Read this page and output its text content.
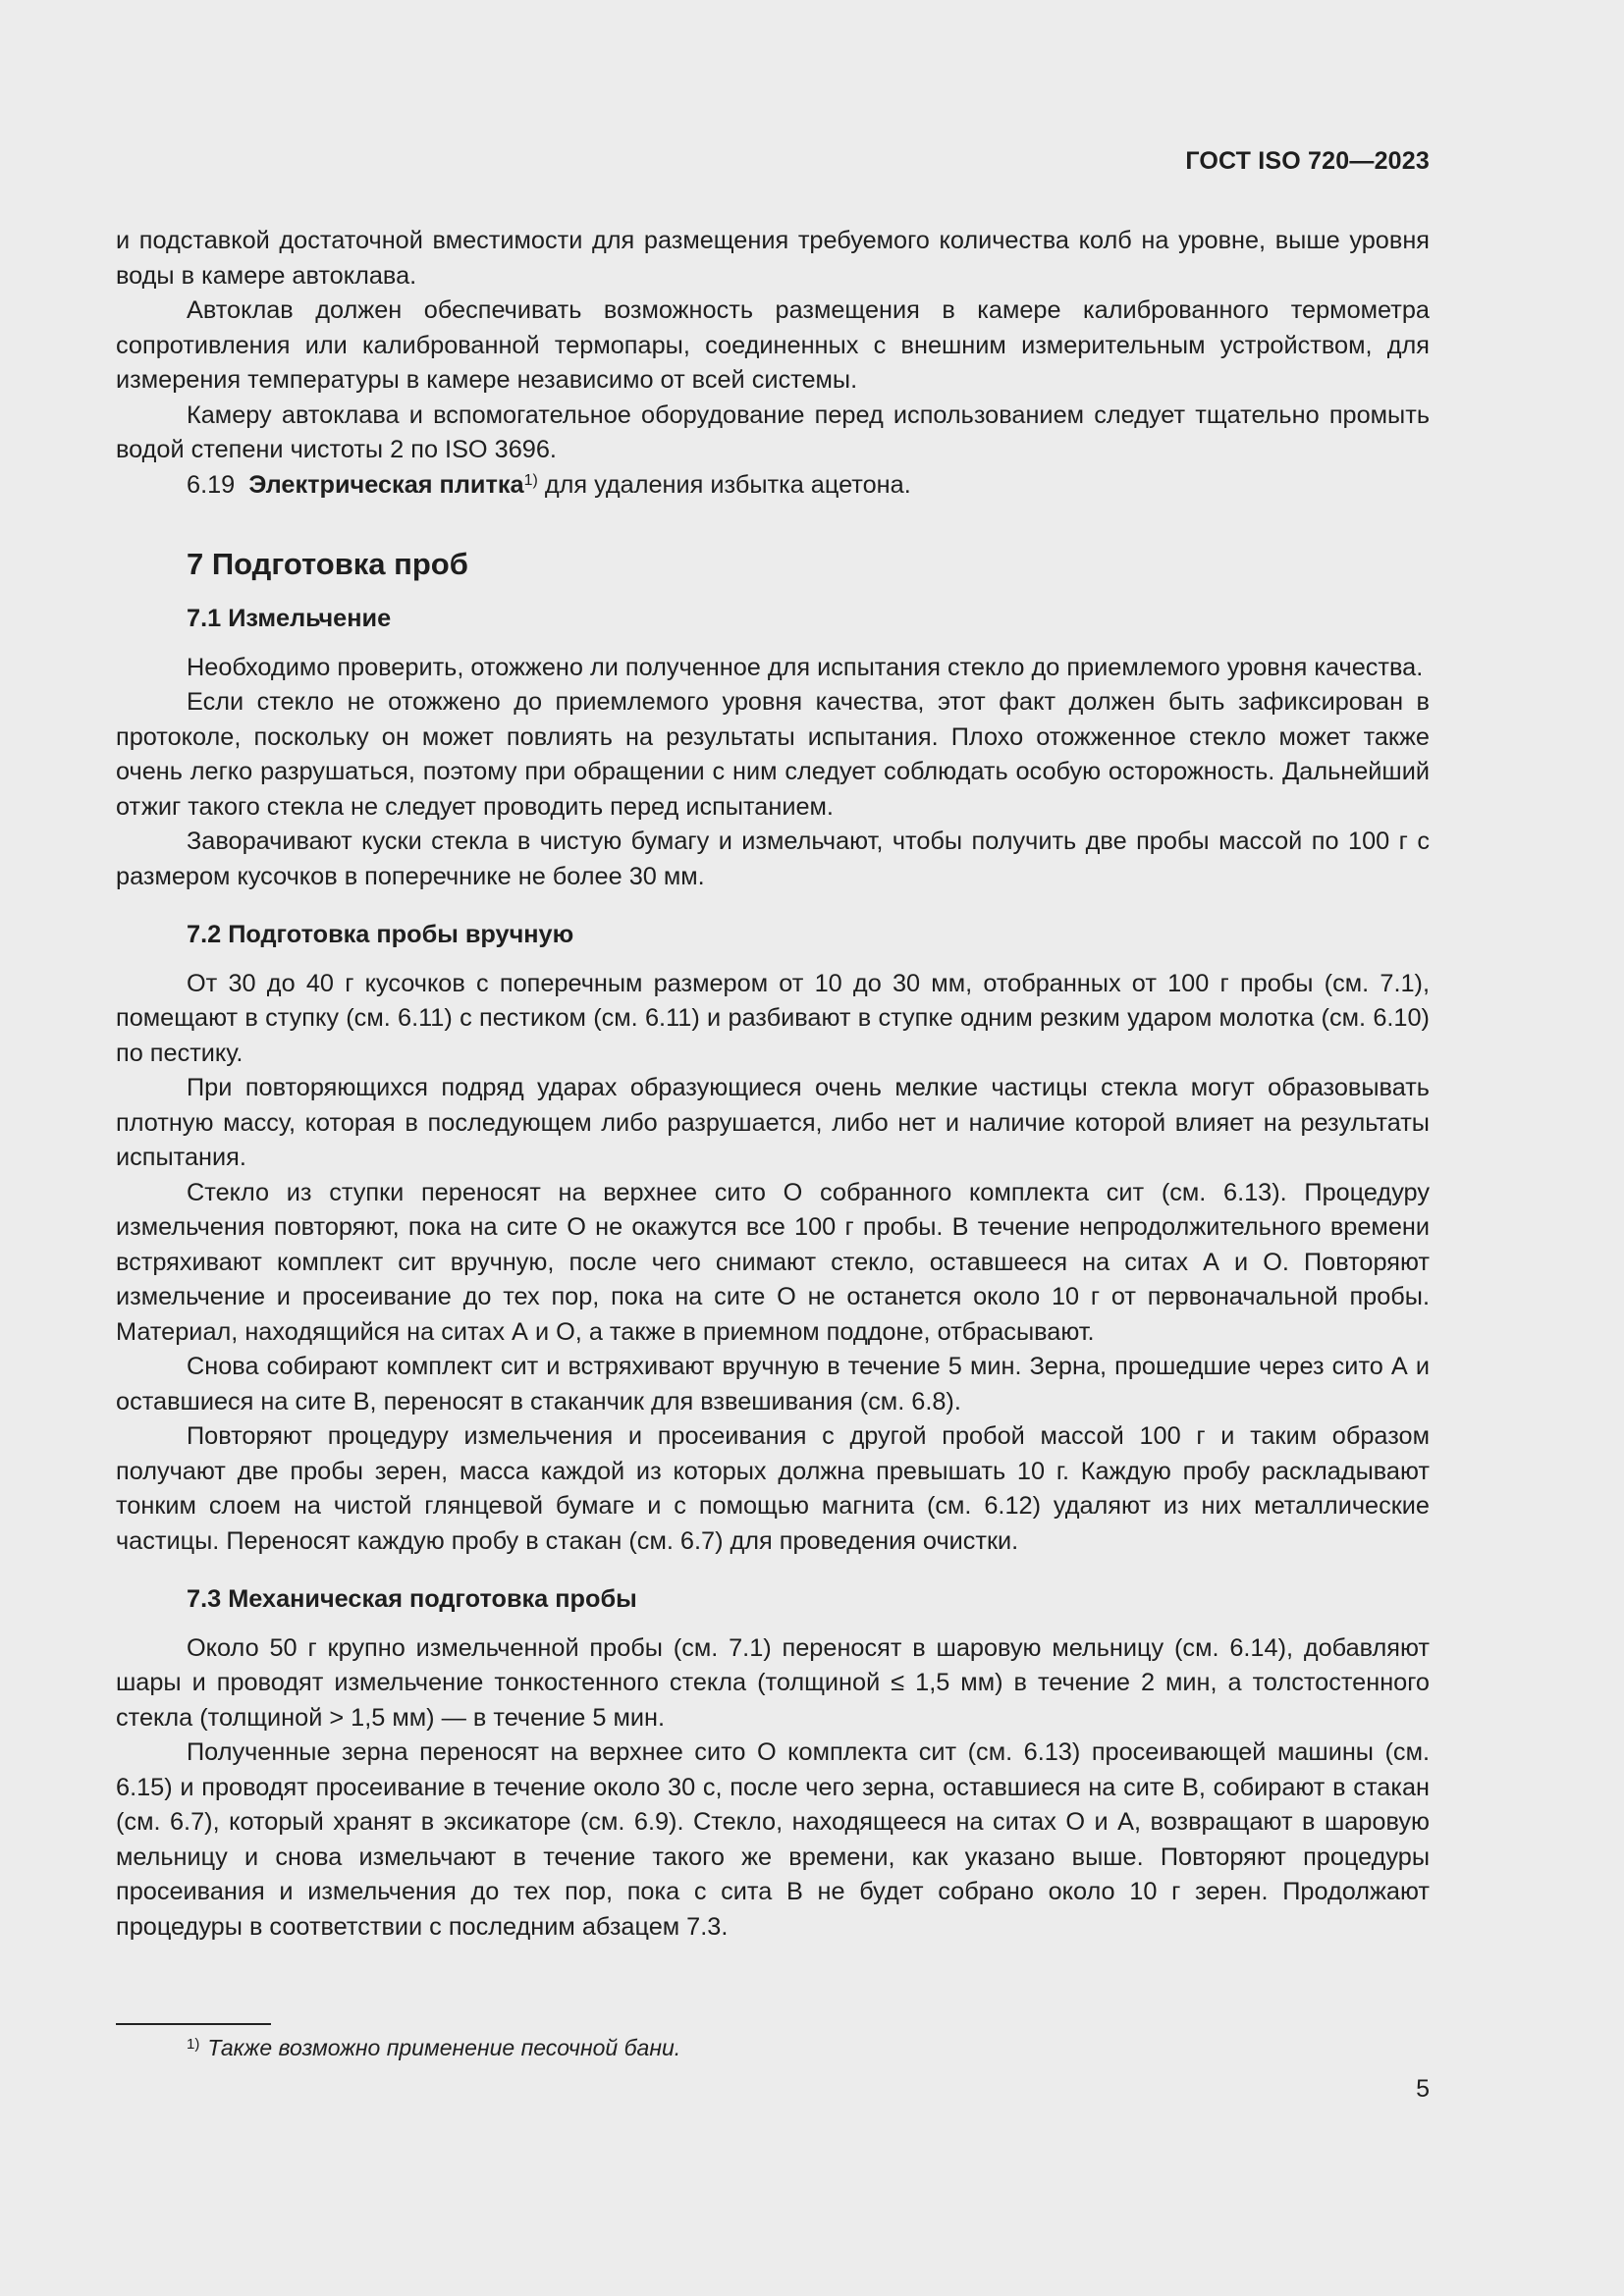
ГОСТ ISO 720—2023

и подставкой достаточной вместимости для размещения требуемого количества колб на уровне, выше уровня воды в камере автоклава.

Автоклав должен обеспечивать возможность размещения в камере калиброванного термометра сопротивления или калиброванной термопары, соединенных с внешним измерительным устройством, для измерения температуры в камере независимо от всей системы.

Камеру автоклава и вспомогательное оборудование перед использованием следует тщательно промыть водой степени чистоты 2 по ISO 3696.

6.19 Электрическая плитка$^{1)}$ для удаления избытка ацетона.

7 Подготовка проб
7.1 Измельчение

Необходимо проверить, отожжено ли полученное для испытания стекло до приемлемого уровня качества.

Если стекло не отожжено до приемлемого уровня качества, этот факт должен быть зафиксирован в протоколе, поскольку он может повлиять на результаты испытания. Плохо отожженное стекло может также очень легко разрушаться, поэтому при обращении с ним следует соблюдать особую осторожность. Дальнейший отжиг такого стекла не следует проводить перед испытанием.

Заворачивают куски стекла в чистую бумагу и измельчают, чтобы получить две пробы массой по 100 г с размером кусочков в поперечнике не более 30 мм.

7.2 Подготовка пробы вручную

От 30 до 40 г кусочков с поперечным размером от 10 до 30 мм, отобранных от 100 г пробы (см. 7.1), помещают в ступку (см. 6.11) с пестиком (см. 6.11) и разбивают в ступке одним резким ударом молотка (см. 6.10) по пестику.

При повторяющихся подряд ударах образующиеся очень мелкие частицы стекла могут образовывать плотную массу, которая в последующем либо разрушается, либо нет и наличие которой влияет на результаты испытания.

Стекло из ступки переносят на верхнее сито О собранного комплекта сит (см. 6.13). Процедуру измельчения повторяют, пока на сите О не окажутся все 100 г пробы. В течение непродолжительного времени встряхивают комплект сит вручную, после чего снимают стекло, оставшееся на ситах А и О. Повторяют измельчение и просеивание до тех пор, пока на сите О не останется около 10 г от первоначальной пробы. Материал, находящийся на ситах А и О, а также в приемном поддоне, отбрасывают.

Снова собирают комплект сит и встряхивают вручную в течение 5 мин. Зерна, прошедшие через сито А и оставшиеся на сите В, переносят в стаканчик для взвешивания (см. 6.8).

Повторяют процедуру измельчения и просеивания с другой пробой массой 100 г и таким образом получают две пробы зерен, масса каждой из которых должна превышать 10 г. Каждую пробу раскладывают тонким слоем на чистой глянцевой бумаге и с помощью магнита (см. 6.12) удаляют из них металлические частицы. Переносят каждую пробу в стакан (см. 6.7) для проведения очистки.

7.3 Механическая подготовка пробы

Около 50 г крупно измельченной пробы (см. 7.1) переносят в шаровую мельницу (см. 6.14), добавляют шары и проводят измельчение тонкостенного стекла (толщиной ≤ 1,5 мм) в течение 2 мин, а толстостенного стекла (толщиной > 1,5 мм) — в течение 5 мин.

Полученные зерна переносят на верхнее сито О комплекта сит (см. 6.13) просеивающей машины (см. 6.15) и проводят просеивание в течение около 30 с, после чего зерна, оставшиеся на сите В, собирают в стакан (см. 6.7), который хранят в эксикаторе (см. 6.9). Стекло, находящееся на ситах О и А, возвращают в шаровую мельницу и снова измельчают в течение такого же времени, как указано выше. Повторяют процедуры просеивания и измельчения до тех пор, пока с сита В не будет собрано около 10 г зерен. Продолжают процедуры в соответствии с последним абзацем 7.3.

$^{1)}$ Также возможно применение песочной бани.
5
